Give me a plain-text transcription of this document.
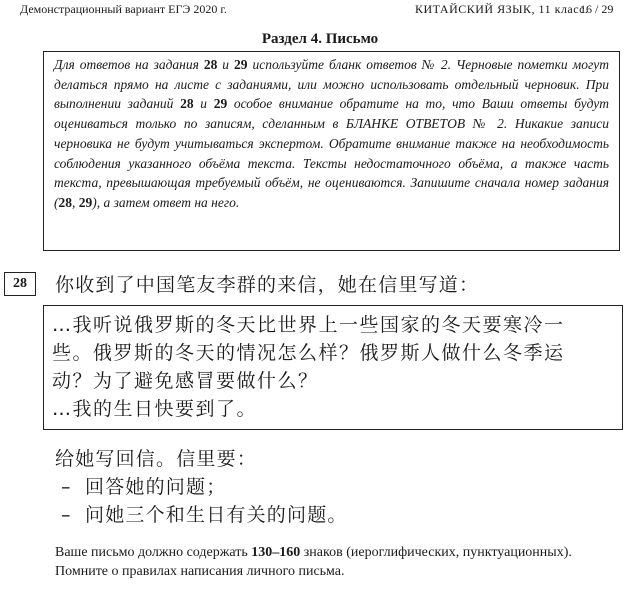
Демонстрационный вариант ЕГЭ 2020 г.	КИТАЙСКИЙ ЯЗЫК, 11 класс.
16 / 29
Раздел 4. Письмо
Для ответов на задания 28 и 29 используйте бланк ответов № 2. Черновые пометки могут делаться прямо на листе с заданиями, или можно использовать отдельный черновик. При выполнении заданий 28 и 29 особое внимание обратите на то, что Ваши ответы будут оцениваться только по записям, сделанным в БЛАНКЕ ОТВЕТОВ № 2. Никакие записи черновика не будут учитываться экспертом. Обратите внимание также на необходимость соблюдения указанного объёма текста. Тексты недостаточного объёма, а также часть текста, превышающая требуемый объём, не оцениваются. Запишите сначала номер задания (28, 29), а затем ответ на него.
28	你收到了中国笔友李群的来信，她在信里写道：
…我听说俄罗斯的冬天比世界上一些国家的冬天要寒冷一
些。俄罗斯的冬天的情况怎么样？俄罗斯人做什么冬季运
动？为了避免感冒要做什么？
…我的生日快要到了。
给她写回信。信里要：
– 回答她的问题；
– 问她三个和生日有关的问题。
Ваше письмо должно содержать 130–160 знаков (иероглифических, пунктуационных).
Помните о правилах написания личного письма.
